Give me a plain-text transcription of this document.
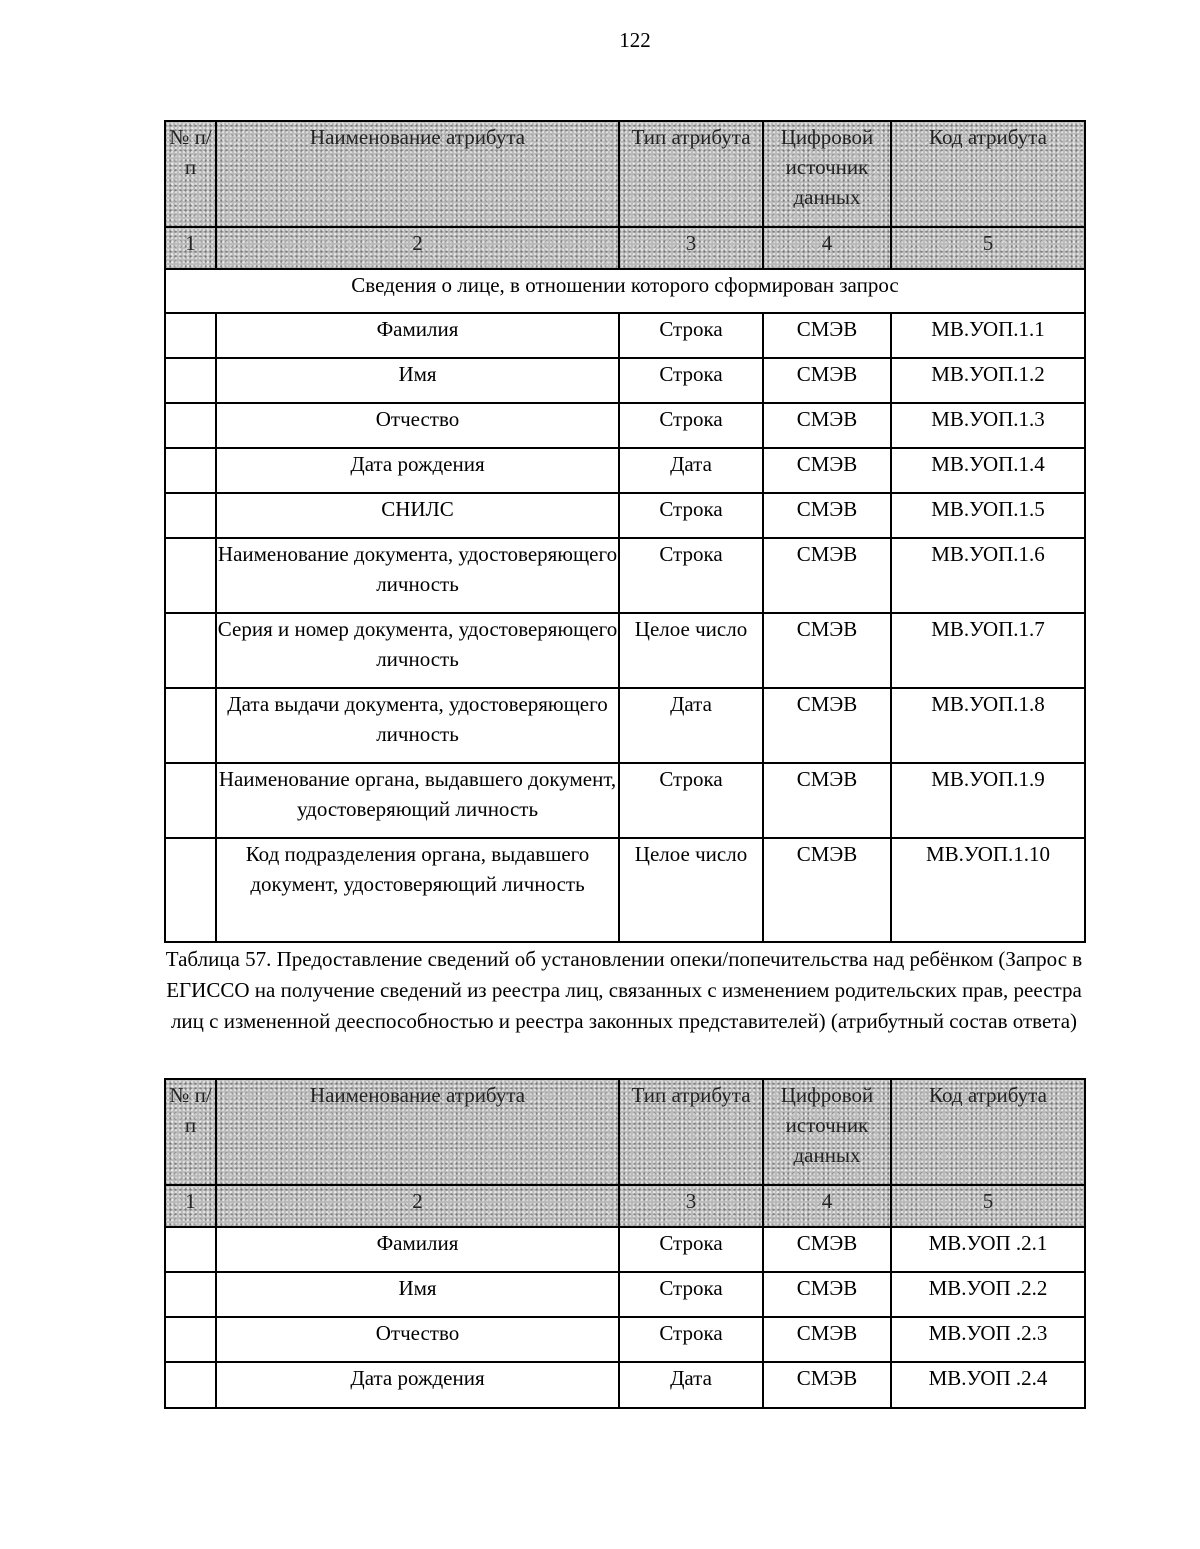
122
№ п/ п	Наименование атрибута	Тип атрибута	Цифровой источник данных	Код атрибута
1	2	3	4	5
Сведения о лице, в отношении которого сформирован запрос				
	Фамилия	Строка	СМЭВ	МВ.УОП.1.1
	Имя	Строка	СМЭВ	МВ.УОП.1.2
	Отчество	Строка	СМЭВ	МВ.УОП.1.3
	Дата рождения	Дата	СМЭВ	МВ.УОП.1.4
	СНИЛС	Строка	СМЭВ	МВ.УОП.1.5
	Наименование документа, удостоверяющего личность	Строка	СМЭВ	МВ.УОП.1.6
	Серия и номер документа, удостоверяющего личность	Целое число	СМЭВ	МВ.УОП.1.7
	Дата выдачи документа, удостоверяющего личность	Дата	СМЭВ	МВ.УОП.1.8
	Наименование органа, выдавшего документ, удостоверяющий личность	Строка	СМЭВ	МВ.УОП.1.9
	Код подразделения органа, выдавшего документ, удостоверяющий личность	Целое число	СМЭВ	МВ.УОП.1.10
Таблица 57. Предоставление сведений об установлении опеки/попечительства над ребёнком (Запрос в ЕГИССО на получение сведений из реестра лиц, связанных с изменением родительских прав, реестра лиц с измененной дееспособностью и реестра законных представителей) (атрибутный состав ответа)
№ п/ п	Наименование атрибута	Тип атрибута	Цифровой источник данных	Код атрибута
1	2	3	4	5
	Фамилия	Строка	СМЭВ	МВ.УОП .2.1
	Имя	Строка	СМЭВ	МВ.УОП .2.2
	Отчество	Строка	СМЭВ	МВ.УОП .2.3
	Дата рождения	Дата	СМЭВ	МВ.УОП .2.4
